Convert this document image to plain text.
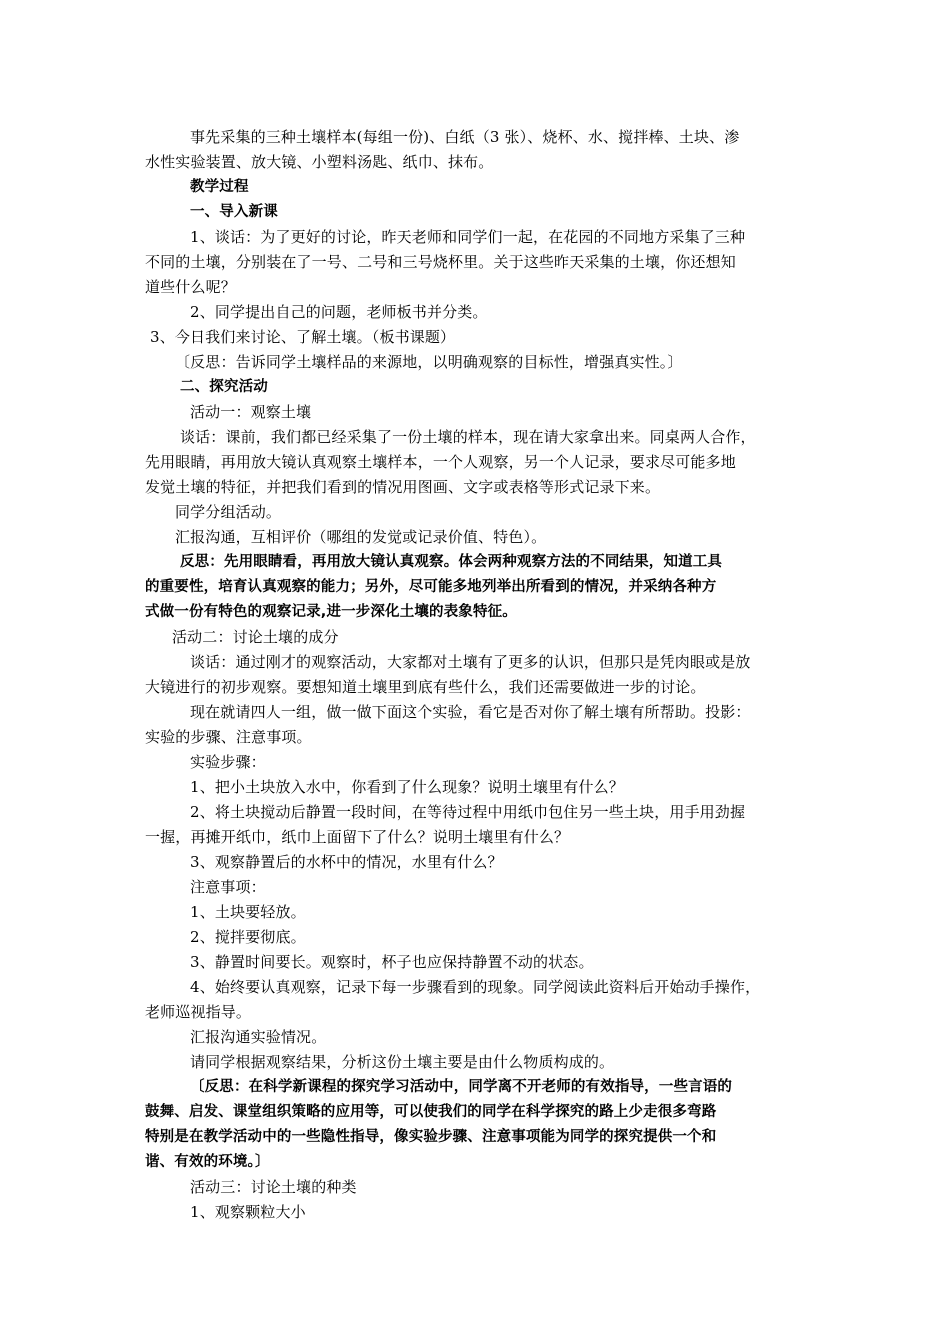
事先采集的三种土壤样本(每组一份)、白纸（3 张）、烧杯、水、搅拌棒、土块、渗
水性实验装置、放大镜、小塑料汤匙、纸巾、抹布。
教学过程
一、导入新课
1、谈话：为了更好的讨论，昨天老师和同学们一起，在花园的不同地方采集了三种
不同的土壤，分别装在了一号、二号和三号烧杯里。关于这些昨天采集的土壤，你还想知
道些什么呢？
2、同学提出自己的问题，老师板书并分类。
3、今日我们来讨论、了解土壤。（板书课题）
〔反思：告诉同学土壤样品的来源地，以明确观察的目标性，增强真实性。〕
二、探究活动
活动一：观察土壤
谈话：课前，我们都已经采集了一份土壤的样本，现在请大家拿出来。同桌两人合作，
先用眼睛，再用放大镜认真观察土壤样本，一个人观察，另一个人记录，要求尽可能多地
发觉土壤的特征，并把我们看到的情况用图画、文字或表格等形式记录下来。
同学分组活动。
汇报沟通，互相评价（哪组的发觉或记录价值、特色）。
反思：先用眼睛看，再用放大镜认真观察。体会两种观察方法的不同结果，知道工具
的重要性，培育认真观察的能力；另外，尽可能多地列举出所看到的情况，并采纳各种方
式做一份有特色的观察记录,进一步深化土壤的表象特征。
活动二：讨论土壤的成分
谈话：通过刚才的观察活动，大家都对土壤有了更多的认识，但那只是凭肉眼或是放
大镜进行的初步观察。要想知道土壤里到底有些什么，我们还需要做进一步的讨论。
现在就请四人一组，做一做下面这个实验，看它是否对你了解土壤有所帮助。投影：
实验的步骤、注意事项。
实验步骤：
1、把小土块放入水中，你看到了什么现象？说明土壤里有什么？
2、将土块搅动后静置一段时间，在等待过程中用纸巾包住另一些土块，用手用劲握
一握，再摊开纸巾，纸巾上面留下了什么？说明土壤里有什么？
3、观察静置后的水杯中的情况，水里有什么？
注意事项：
1、土块要轻放。
2、搅拌要彻底。
3、静置时间要长。观察时，杯子也应保持静置不动的状态。
4、始终要认真观察，记录下每一步骤看到的现象。同学阅读此资料后开始动手操作，
老师巡视指导。
汇报沟通实验情况。
请同学根据观察结果，分析这份土壤主要是由什么物质构成的。
〔反思：在科学新课程的探究学习活动中，同学离不开老师的有效指导，一些言语的
鼓舞、启发、课堂组织策略的应用等，可以使我们的同学在科学探究的路上少走很多弯路
特别是在教学活动中的一些隐性指导，像实验步骤、注意事项能为同学的探究提供一个和
谐、有效的环境。〕
活动三：讨论土壤的种类
1、观察颗粒大小
